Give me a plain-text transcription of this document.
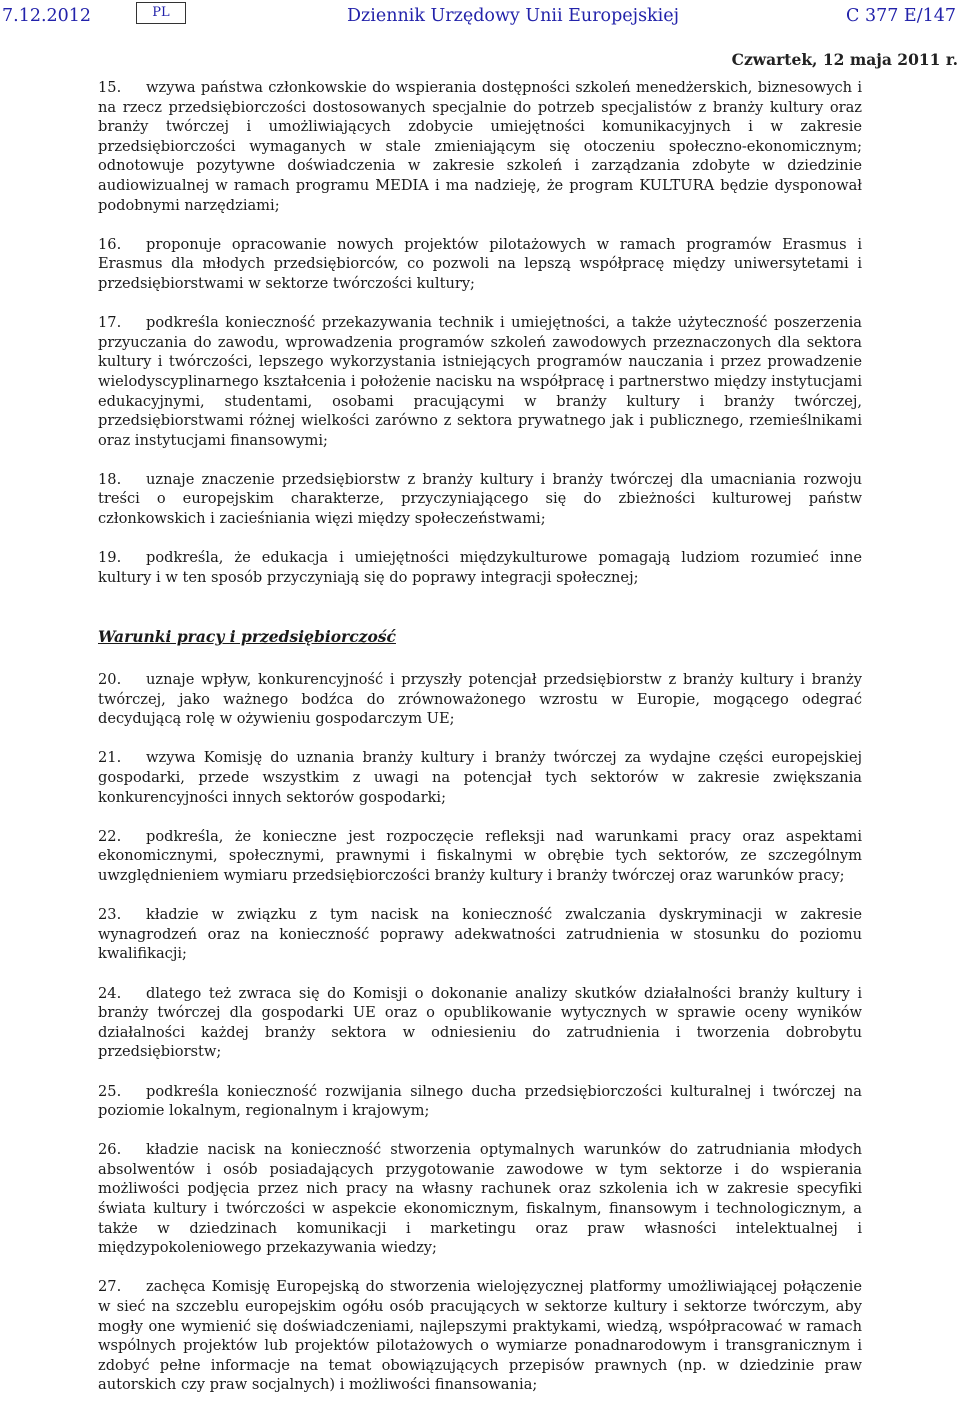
7.12.2012	PL	Dziennik Urzędowy Unii Europejskiej	C 377 E/147
Czwartek, 12 maja 2011 r.

15. wzywa państwa członkowskie do wspierania dostępności szkoleń menedżerskich, biznesowych i na rzecz przedsiębiorczości dostosowanych specjalnie do potrzeb specjalistów z branży kultury oraz branży twórczej i umożliwiających zdobycie umiejętności komunikacyjnych i w zakresie przedsiębiorczości wymaganych w stale zmieniającym się otoczeniu społeczno-ekonomicznym; odnotowuje pozytywne doświadczenia w zakresie szkoleń i zarządzania zdobyte w dziedzinie audiowizualnej w ramach programu MEDIA i ma nadzieję, że program KULTURA będzie dysponował podobnymi narzędziami;

16. proponuje opracowanie nowych projektów pilotażowych w ramach programów Erasmus i Erasmus dla młodych przedsiębiorców, co pozwoli na lepszą współpracę między uniwersytetami i przedsiębiorstwami w sektorze twórczości kultury;

17. podkreśla konieczność przekazywania technik i umiejętności, a także użyteczność poszerzenia przyuczania do zawodu, wprowadzenia programów szkoleń zawodowych przeznaczonych dla sektora kultury i twórczości, lepszego wykorzystania istniejących programów nauczania i przez prowadzenie wielodyscyplinarnego kształcenia i położenie nacisku na współpracę i partnerstwo między instytucjami edukacyjnymi, studentami, osobami pracującymi w branży kultury i branży twórczej, przedsiębiorstwami różnej wielkości zarówno z sektora prywatnego jak i publicznego, rzemieślnikami oraz instytucjami finansowymi;

18. uznaje znaczenie przedsiębiorstw z branży kultury i branży twórczej dla umacniania rozwoju treści o europejskim charakterze, przyczyniającego się do zbieżności kulturowej państw członkowskich i zacieśniania więzi między społeczeństwami;

19. podkreśla, że edukacja i umiejętności międzykulturowe pomagają ludziom rozumieć inne kultury i w ten sposób przyczyniają się do poprawy integracji społecznej;

Warunki pracy i przedsiębiorczość

20. uznaje wpływ, konkurencyjność i przyszły potencjał przedsiębiorstw z branży kultury i branży twórczej, jako ważnego bodźca do zrównoważonego wzrostu w Europie, mogącego odegrać decydującą rolę w ożywieniu gospodarczym UE;

21. wzywa Komisję do uznania branży kultury i branży twórczej za wydajne części europejskiej gospodarki, przede wszystkim z uwagi na potencjał tych sektorów w zakresie zwiększania konkurencyjności innych sektorów gospodarki;

22. podkreśla, że konieczne jest rozpoczęcie refleksji nad warunkami pracy oraz aspektami ekonomicznymi, społecznymi, prawnymi i fiskalnymi w obrębie tych sektorów, ze szczególnym uwzględnieniem wymiaru przedsiębiorczości branży kultury i branży twórczej oraz warunków pracy;

23. kładzie w związku z tym nacisk na konieczność zwalczania dyskryminacji w zakresie wynagrodzeń oraz na konieczność poprawy adekwatności zatrudnienia w stosunku do poziomu kwalifikacji;

24. dlatego też zwraca się do Komisji o dokonanie analizy skutków działalności branży kultury i branży twórczej dla gospodarki UE oraz o opublikowanie wytycznych w sprawie oceny wyników działalności każdej branży sektora w odniesieniu do zatrudnienia i tworzenia dobrobytu przedsiębiorstw;

25. podkreśla konieczność rozwijania silnego ducha przedsiębiorczości kulturalnej i twórczej na poziomie lokalnym, regionalnym i krajowym;

26. kładzie nacisk na konieczność stworzenia optymalnych warunków do zatrudniania młodych absolwentów i osób posiadających przygotowanie zawodowe w tym sektorze i do wspierania możliwości podjęcia przez nich pracy na własny rachunek oraz szkolenia ich w zakresie specyfiki świata kultury i twórczości w aspekcie ekonomicznym, fiskalnym, finansowym i technologicznym, a także w dziedzinach komunikacji i marketingu oraz praw własności intelektualnej i międzypokoleniowego przekazywania wiedzy;

27. zachęca Komisję Europejską do stworzenia wielojęzycznej platformy umożliwiającej połączenie w sieć na szczeblu europejskim ogółu osób pracujących w sektorze kultury i sektorze twórczym, aby mogły one wymienić się doświadczeniami, najlepszymi praktykami, wiedzą, współpracować w ramach wspólnych projektów lub projektów pilotażowych o wymiarze ponadnarodowym i transgranicznym i zdobyć pełne informacje na temat obowiązujących przepisów prawnych (np. w dziedzinie praw autorskich czy praw socjalnych) i możliwości finansowania;
